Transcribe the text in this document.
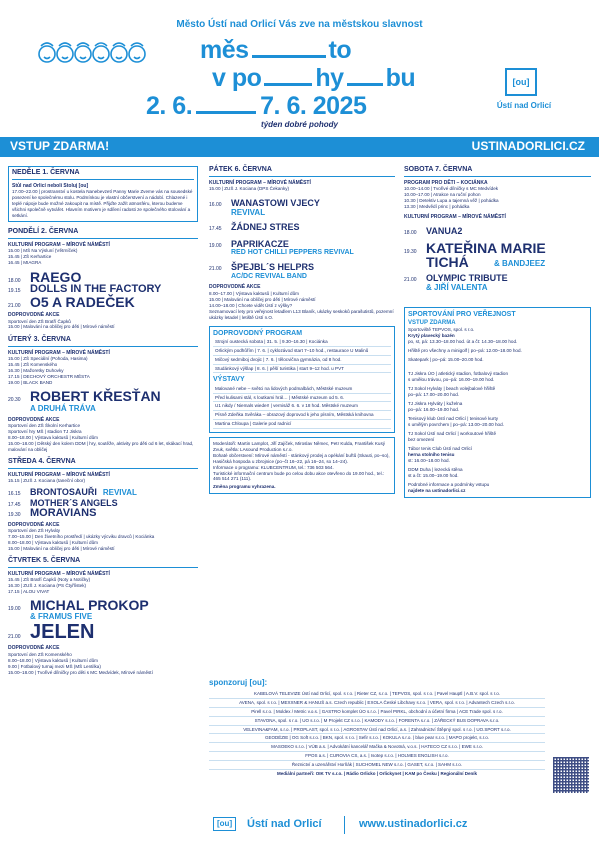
Město Ústí nad Orlicí Vás zve na městskou slavnost
měs	to
v po hy bu
2. 6.	7. 6. 2025
týden dobré pohody
[ou]
Ústí nad Orlicí
VSTUP ZDARMA!	USTINADORLICI.CZ
NEDĚLE 1. ČERVNA
Stůl nad Orlicí neboli Stoluj [ou]
17.00–22.00 | prostranství u kostela Nanebevzetí Panny Marie Zveme vás na sousedské posezení ke společnému stolu. Podmínkou je vlastní občerstvení a nádobí. Chlazené i teplé nápoje bude možné zakoupit na místě. Přijďte zažít atmosféru, kterou budeme všichni společně vytvářet. Hlavním motivem je sdílení radosti ze společného stolování a setkání.
PONDĚLÍ 2. ČERVNA
KULTURNÍ PROGRAM – MÍROVÉ NÁMĚSTÍ
15.00 | MŠ Na Výsluní (Větrníček)
15.45 | ZŠ Kerhartice
16.45 | MIAGRA
18.00 RAEGO
19.15 DOLLS IN THE FACTORY
21.00 O5 A RADEČEK
DOPROVODNÉ AKCE
Sportovní den ZŠ Bratří Čapků
15.00 | Malování na obličej pro děti | Mírové náměstí
ÚTERÝ 3. ČERVNA
KULTURNÍ PROGRAM – MÍROVÉ NÁMĚSTÍ
15.00 | ZŠ Speciální (Pohoda, Hasima)
15.45 | ZŠ Komenského
16.30 | Mažoretky Duhovky
17.15 | DECHOVÝ ORCHESTR MĚSTA
19.00 | BLACK BAND
20.30 ROBERT KŘESŤAN
A DRUHÁ TRÁVA
DOPROVODNÉ AKCE
Sportovní den ZŠ Školní Kerhartice
Sportovní hry MŠ | stadion TJ Jiskra
8.00–18.00 | Výstava kaktusů | Kulturní dům
15.00–18.00 | Dětský den kolem DDM | hry, soutěže, aktivity pro děti od 6 let, skákací hrad, malování na obličej
STŘEDA 4. ČERVNA
KULTURNÍ PROGRAM – MÍROVÉ NÁMĚSTÍ
15.15 | ZUŠ J. Kociana (taneční obor)
16.15	BRONTOSAUŘI REVIVAL
17.45	MOTHER´S ANGELS
19.30 MORAVIANS
DOPROVODNÉ AKCE
Sportovní den ZŠ Hylváty
7.00–15.00 | Den živetního prostředí | ukázky výcviku dravců | Kociánka
8.00–18.00 | Výstava kaktusů | Kulturní dům
15.00 | Malování na obličej pro děti | Mírové náměstí
ČTVRTEK 5. ČERVNA
KULTURNÍ PROGRAM – MÍROVÉ NÁMĚSTÍ
15.45 | ZŠ Bratří Čapků (Noty a Notičky)
16.30 | ZUŠ J. Kociana (PS Čtyřlístek)
17.15 | ALOU VIVAT
19.00 MICHAL PROKOP
& FRAMUS FIVE
21.00 JELEN
DOPROVODNÉ AKCE
Sportovní den ZŠ Komenského
8.00–18.00 | Výstava kaktusů | Kulturní dům
9.00 | Fotbalový turnaj mezi MŠ (MŠ Lentilka)
15.00–18.00 | Tvořivé dílničky pro děti s MC Medvídek, Mírové náměstí
PÁTEK 6. ČERVNA
KULTURNÍ PROGRAM – MÍROVÉ NÁMĚSTÍ
15.00 | ZUŠ J. Kociana (DPS Čekanky)
16.00	WANASTOWI VJECY
REVIVAL
17.45	ŽÁDNEJ STRES
19.00	PAPRIKACZE
RED HOT CHILLI PEPPERS REVIVAL
21.00	ŠPEJBL´S HELPRS
AC/DC REVIVAL BAND
DOPROVODNÉ AKCE
8.00–17.00 | Výstava kaktusů | Kulturní dům
15.00 | Malování na obličej pro děti | Mírové náměstí
14.00–18.00 | Chcete vidět Ústí z výšky?
Seznamovací lety pro veřejnost letadlem L13 Blaník, ukázky seskoků parašutistů, pozemní ukázky letadel | letiště Ústí n.O.
DOPROVODNÝ PROGRAM
Strojní oustecká sobota | 31. 5. | 9.30–16.30 | Kociánka
Orlickým podhůřím | 7. 6. | cyklozávod start 7–10 hod., restaurace U Malinů
Mičový sedmiboj dvojic | 7. 6. | tělocvična gymnázia, od 8 hod.
Studánkový výšlap | 8. 6. | pěší turistika | start 9–12 hod. u PVT
VÝSTAVY
Malované nebe – světci na lidových podmalbách, Městské muzeum
Před kulisami stál, s loutkami hrál… | Městské muzeum od 5. 6.
U1 nikdy / Niemals wieder! | vernisáž 6. 6. v 18 hod. Městské muzeum
Písně Zdeňka Svěráka – obrazový doprovod k jeho písním, Městská knihovna
Martina Chloupa | Galerie pod radnicí
Moderátoři: Martin Lamplot, Jiří Zajíček, Miroslav Němec, Petr Kulda, František Kusý
Zvuk, světla: LAsound Production s.r.o.
Bohaté občerstvení: Mírové náměstí - stánkový prodej a opékání buřtů (Skauti, po–so), Hasičská hospoda u zbrojnice (po–čt 16–22, pá 16–24, so 14–24).
Informace o programu: KLUBCENTRUM, tel.: 736 503 564.
Turistické informační centrum bude po celou dobu akce otevřeno do 19.00 hod., tel.: 465 514 271 (111).
Změna programu vyhrazena.
SOBOTA 7. ČERVNA
PROGRAM PRO DĚTI – KOCIÁNKA
10.00–14.00 | Tvořivé dílničky s MC Medvídek
10.00–17.00 | Atrakce na ruční pohon
10.30 | Detektiv Lupa a tajemná věž | pohádka
13.30 | Medvědí princ | pohádka
KULTURNÍ PROGRAM – MÍROVÉ NÁMĚSTÍ
18.00	VANUA2
19.30 KATEŘINA MARIE TICHÁ	& BANDJEEZ
21.00	OLYMPIC TRIBUTE
& JIŘÍ VALENTA
SPORTOVÁNÍ PRO VEŘEJNOST
VSTUP ZDARMA
Sportoviště TEPVOS, spol. s r.o.
Krytý plavecký bazén
po, st, pá: 13.30–18.00 hod. út a čt: 14.30–18.00 hod.
Hřiště pro všechny a minigolf | po–pá: 12.00–18.00 hod.
Skatepark | po–pá: 15.00–20.00 hod.
TJ Jiskra ÚO | atletický stadion, fotbalový stadion
s umělou trávou, po–pá: 16.00–19.00 hod.
TJ Sokol Hylváty | beach volejbalové hřiště
po–pá: 17.00–20.00 hod.
TJ Jiskra Hylváty | kuželna
po–pá: 16.00–19.00 hod.
Tenisový klub Ústí nad Orlicí | tenisové kurty
s umělým povrchem | po–pá: 13.00–20.00 hod.
TJ Sokol Ústí nad Orlicí | workoutové hřiště
bez omezení
Tábor tenis Club Ústí nad Orlicí
herna stolního tenisu
st: 16.00–18.00 hod.
DDM Duha | lezecká stěna
st a čt: 15.00–19.00 hod.
Podrobné informace a podmínky vstupu
najdete na ustinadorlici.cz
sponzoruj [ou]:
KABELOVÁ TELEVIZE Ústí nad Orlicí, spol. s r.o. | Rieter CZ, s.r.o. | TEPVOS, spol. s r.o. | Pavel Hauptl | A.B.V. spol. s r.o.
AVENA, spol. s r.o. | MEXXNER & HANUŠ a.s. Czech republic | EXOLA České Libchavy s.r.o. | VERA, spol. s r.o. | Advantech Czech s.r.o.
Pirell s.r.o. | Moldex / Metric v.o.s. | GASTRO komplet ÚO s.r.o. | Pavel PIRKL, obchodní a účetní firma | ACE Trade spol. s r.o.
STAVONA, spol. s r.o. | UO s.r.o. | M Projekt CZ s.r.o. | KAMODY s.r.o. | FORENTA s.r.o. | ZÁŘECKÝ BUS DOPRAVA s.r.o.
VELEVINA&FAM, s.r.o. | PROPLAST, spol. s r.o. | AGROSTAV Ústí nad Orlicí, a.s. | Zahradnictví Štěpný spol. s r.o. | UO.SPORT s.r.o.
GEODÉZIE | OG Soft s.r.o. | BKN, spol. s r.o. | Sefir s.r.o. | KOKULA s.r.o. | blue pear s.r.o. | MAPO projekt, s.r.o.
MASOEKO s.r.o. | VÚB a.s. | Advokátní kancelář Mačka & Novotná, v.o.s. | HATECO CZ s.r.o. | EWE s.r.o.
FPOS a.s. | CUROVIA CS, a.s. | Isotep s.r.o. | HOLMES ENGLISH s.r.o.
Řeznictví a uzenářství Horňák | SUCHOMEL NEW s.r.o. | GASET, s.r.o. | SAHM s.r.o.
Mediální partneři: OIK TV s.r.o. | Rádio Orlicko | Orlickynet | KAM po Česku | Regionální Deník
[ou]	Ústí nad Orlicí	www.ustinadorlici.cz
